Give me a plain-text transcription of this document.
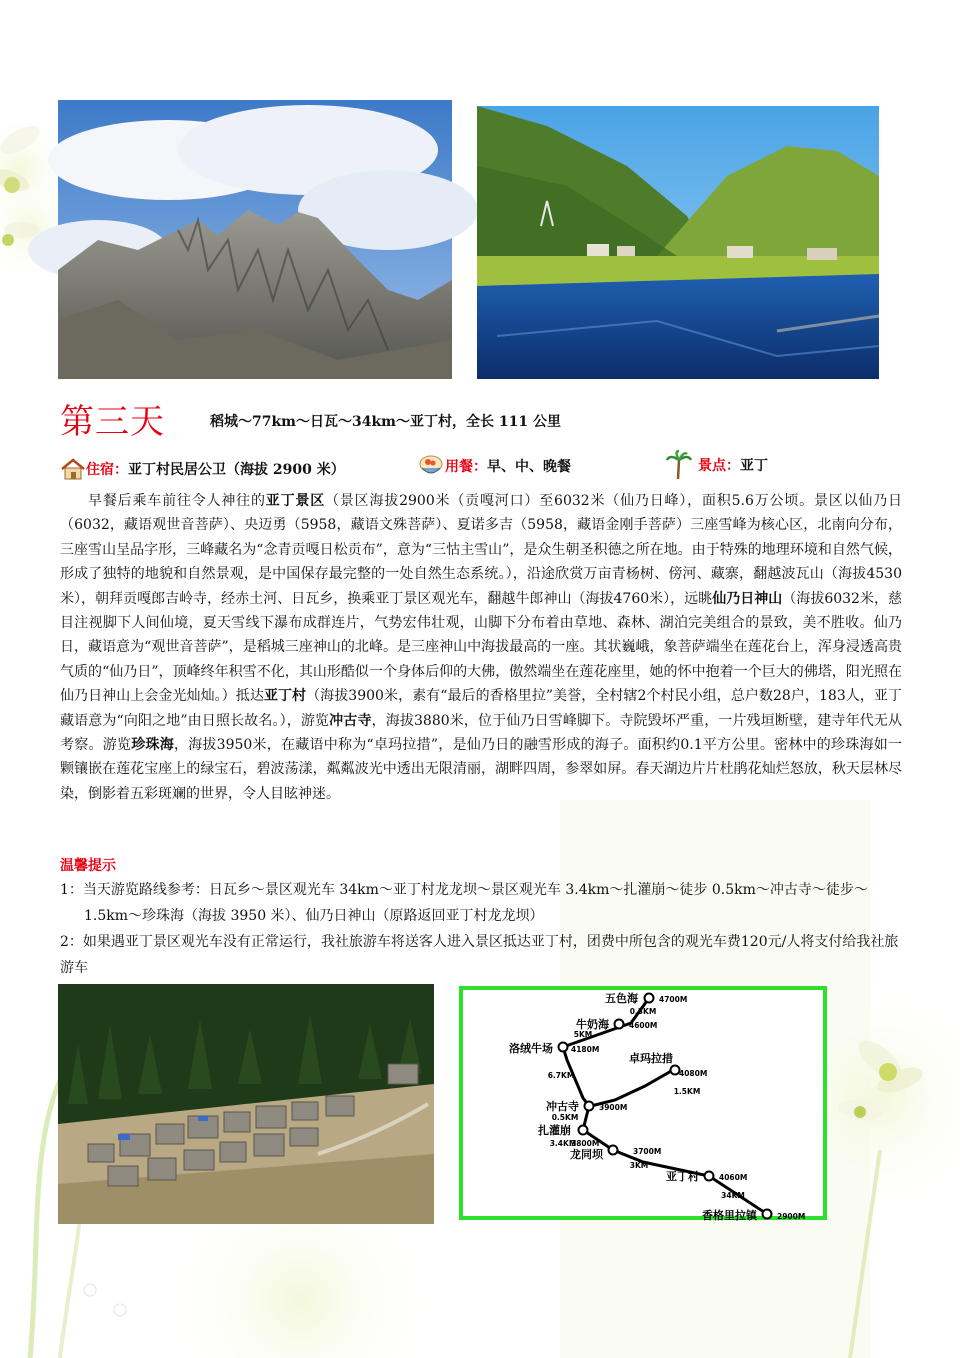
第三天	稻城～77km～日瓦～34km～亚丁村，全长 111 公里
住宿： 亚丁村民居公卫（海拔 2900 米）	用餐： 早、中、晚餐	景点： 亚丁

早餐后乘车前往令人神往的亚丁景区（景区海拔2900米（贡嘎河口）至6032米（仙乃日峰），面积5.6万公顷。景区以仙乃日（6032，藏语观世音菩萨）、央迈勇（5958，藏语文殊菩萨）、夏诺多吉（5958，藏语金刚手菩萨）三座雪峰为核心区，北南向分布，三座雪山呈品字形，三峰藏名为“念青贡嘎日松贡布”，意为“三怙主雪山”，是众生朝圣积德之所在地。由于特殊的地理环境和自然气候，形成了独特的地貌和自然景观，是中国保存最完整的一处自然生态系统。），沿途欣赏万亩青杨树、傍河、藏寨，翻越波瓦山（海拔4530米），朝拜贡嘎郎吉岭寺，经赤土河、日瓦乡，换乘亚丁景区观光车，翻越牛郎神山（海拔4760米），远眺仙乃日神山（海拔6032米，慈目注视脚下人间仙境，夏天雪线下瀑布成群连片，气势宏伟壮观，山脚下分布着由草地、森林、湖泊完美组合的景致，美不胜收。仙乃日，藏语意为“观世音菩萨”，是稻城三座神山的北峰。是三座神山中海拔最高的一座。其状巍峨，象菩萨端坐在莲花台上，浑身浸透高贵气质的“仙乃日”，顶峰终年积雪不化，其山形酷似一个身体后仰的大佛，傲然端坐在莲花座里，她的怀中抱着一个巨大的佛塔，阳光照在仙乃日神山上会金光灿灿。）抵达亚丁村（海拔3900米，素有“最后的香格里拉”美誉，全村辖2个村民小组，总户数28户，183人，亚丁藏语意为“向阳之地”由日照长故名。），游览冲古寺，海拔3880米，位于仙乃日雪峰脚下。寺院毁坏严重，一片残垣断壁，建寺年代无从考察。游览珍珠海，海拔3950米，在藏语中称为“卓玛拉措”，是仙乃日的融雪形成的海子。面积约0.1平方公里。密林中的珍珠海如一颗镶嵌在莲花宝座上的绿宝石，碧波荡漾，粼粼波光中透出无限清丽，湖畔四周，参翠如屏。春天湖边片片杜鹃花灿烂怒放，秋天层林尽染，倒影着五彩斑斓的世界，令人目眩神迷。

温馨提示

1：当天游览路线参考：日瓦乡～景区观光车 34km～亚丁村龙龙坝～景区观光车 3.4km～扎灌崩～徒步 0.5km～冲古寺～徒步～1.5km～珍珠海（海拔 3950 米）、仙乃日神山（原路返回亚丁村龙龙坝）

2：如果遇亚丁景区观光车没有正常运行，我社旅游车将送客人进入景区抵达亚丁村，团费中所包含的观光车费120元/人将支付给我社旅游车

五色海	4700M
牛奶海	4600M
洛绒牛场 4180M
卓玛拉措
4080M
冲古寺	3900M
扎灌崩
3800M
龙同坝	3700M
亚丁村	4060M
香格里拉镇	2900M
0.3KM
5KM
6.7KM
1.5KM
0.5KM
3.4KM
3KM
34KM
